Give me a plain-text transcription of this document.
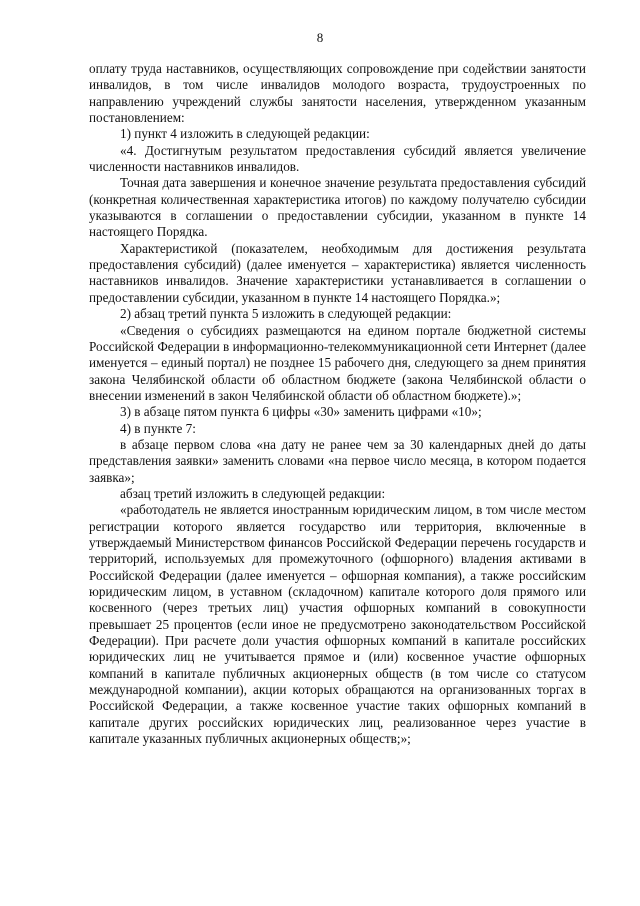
8

оплату труда наставников, осуществляющих сопровождение при содействии занятости инвалидов, в том числе инвалидов молодого возраста, трудоустроенных по направлению учреждений службы занятости населения, утвержденном указанным постановлением:

1) пункт 4 изложить в следующей редакции:

«4. Достигнутым результатом предоставления субсидий является увеличение численности наставников инвалидов.

Точная дата завершения и конечное значение результата предоставления субсидий (конкретная количественная характеристика итогов) по каждому получателю субсидии указываются в соглашении о предоставлении субсидии, указанном в пункте 14 настоящего Порядка.

Характеристикой (показателем, необходимым для достижения результата предоставления субсидий) (далее именуется – характеристика) является численность наставников инвалидов. Значение характеристики устанавливается в соглашении о предоставлении субсидии, указанном в пункте 14 настоящего Порядка.»;

2) абзац третий пункта 5 изложить в следующей редакции:

«Сведения о субсидиях размещаются на едином портале бюджетной системы Российской Федерации в информационно-телекоммуникационной сети Интернет (далее именуется – единый портал) не позднее 15 рабочего дня, следующего за днем принятия закона Челябинской области об областном бюджете (закона Челябинской области о внесении изменений в закон Челябинской области об областном бюджете).»;

3) в абзаце пятом пункта 6 цифры «30» заменить цифрами «10»;

4) в пункте 7:

в абзаце первом слова «на дату не ранее чем за 30 календарных дней до даты представления заявки» заменить словами «на первое число месяца, в котором подается заявка»;

абзац третий изложить в следующей редакции:

«работодатель не является иностранным юридическим лицом, в том числе местом регистрации которого является государство или территория, включенные в утверждаемый Министерством финансов Российской Федерации перечень государств и территорий, используемых для промежуточного (офшорного) владения активами в Российской Федерации (далее именуется – офшорная компания), а также российским юридическим лицом, в уставном (складочном) капитале которого доля прямого или косвенного (через третьих лиц) участия офшорных компаний в совокупности превышает 25 процентов (если иное не предусмотрено законодательством Российской Федерации). При расчете доли участия офшорных компаний в капитале российских юридических лиц не учитывается прямое и (или) косвенное участие офшорных компаний в капитале публичных акционерных обществ (в том числе со статусом международной компании), акции которых обращаются на организованных торгах в Российской Федерации, а также косвенное участие таких офшорных компаний в капитале других российских юридических лиц, реализованное через участие в капитале указанных публичных акционерных обществ;»;
